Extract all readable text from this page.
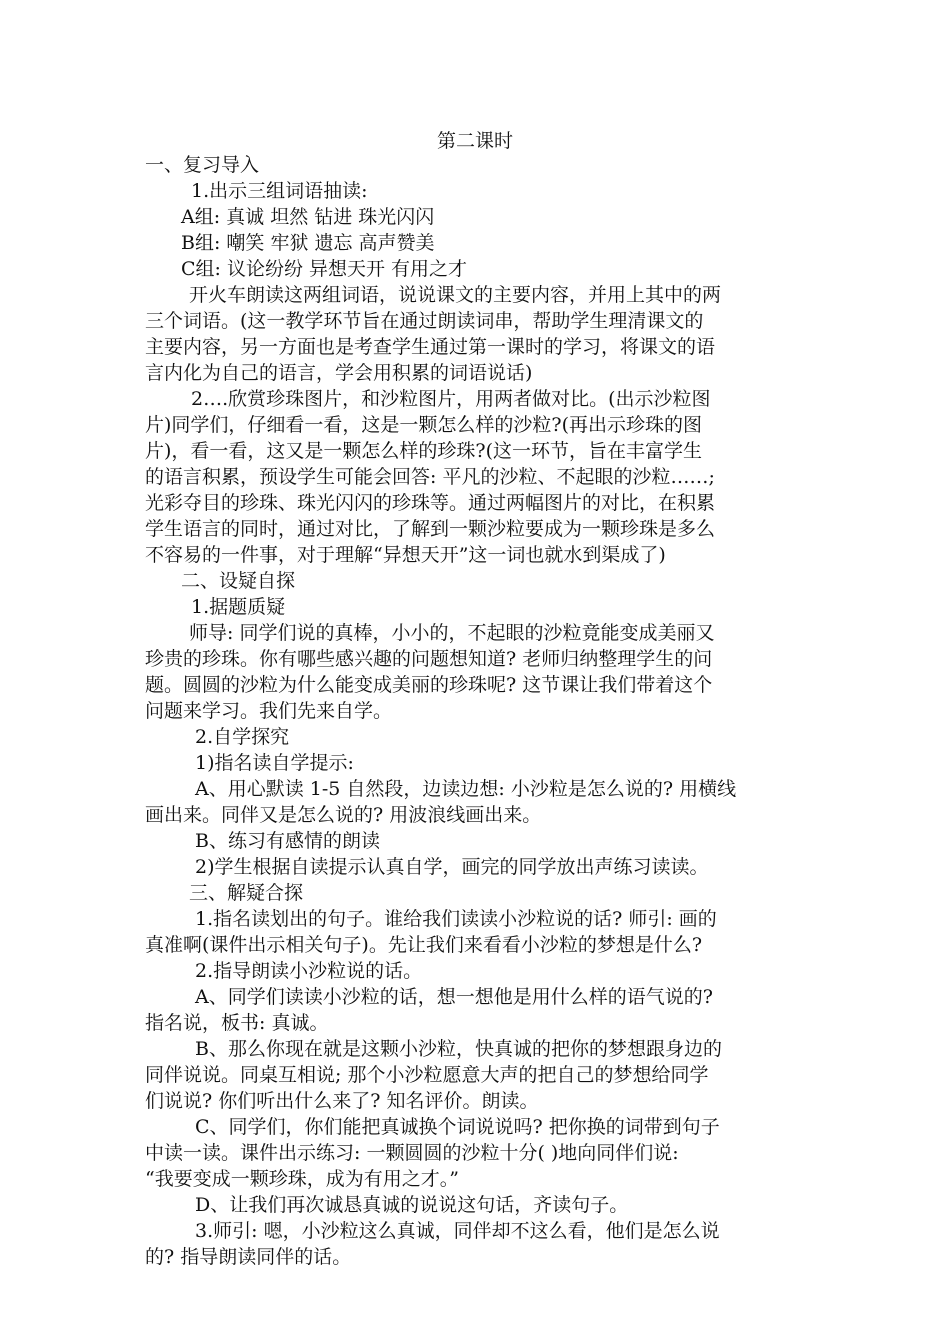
第二课时
一、复习导入
1.出示三组词语抽读:
A组: 真诚 坦然 钻进 珠光闪闪
B组: 嘲笑 牢狱 遗忘 高声赞美
C组: 议论纷纷 异想天开 有用之才
开火车朗读这两组词语，说说课文的主要内容，并用上其中的两
三个词语。(这一教学环节旨在通过朗读词串，帮助学生理清课文的
主要内容，另一方面也是考查学生通过第一课时的学习，将课文的语
言内化为自己的语言，学会用积累的词语说话)
2….欣赏珍珠图片，和沙粒图片，用两者做对比。(出示沙粒图
片)同学们，仔细看一看，这是一颗怎么样的沙粒?(再出示珍珠的图
片)，看一看，这又是一颗怎么样的珍珠?(这一环节，旨在丰富学生
的语言积累，预设学生可能会回答: 平凡的沙粒、不起眼的沙粒……;
光彩夺目的珍珠、珠光闪闪的珍珠等。通过两幅图片的对比，在积累
学生语言的同时，通过对比，了解到一颗沙粒要成为一颗珍珠是多么
不容易的一件事，对于理解“异想天开”这一词也就水到渠成了)
二、设疑自探
1.据题质疑
师导: 同学们说的真棒，小小的，不起眼的沙粒竟能变成美丽又
珍贵的珍珠。你有哪些感兴趣的问题想知道? 老师归纳整理学生的问
题。圆圆的沙粒为什么能变成美丽的珍珠呢? 这节课让我们带着这个
问题来学习。我们先来自学。
2.自学探究
1)指名读自学提示:
A、用心默读 1-5 自然段，边读边想: 小沙粒是怎么说的? 用横线
画出来。同伴又是怎么说的? 用波浪线画出来。
B、练习有感情的朗读
2)学生根据自读提示认真自学，画完的同学放出声练习读读。
三、解疑合探
1.指名读划出的句子。谁给我们读读小沙粒说的话? 师引: 画的
真准啊(课件出示相关句子)。先让我们来看看小沙粒的梦想是什么?
2.指导朗读小沙粒说的话。
A、同学们读读小沙粒的话，想一想他是用什么样的语气说的?
指名说，板书: 真诚。
B、那么你现在就是这颗小沙粒，快真诚的把你的梦想跟身边的
同伴说说。同桌互相说; 那个小沙粒愿意大声的把自己的梦想给同学
们说说? 你们听出什么来了? 知名评价。朗读。
C、同学们，你们能把真诚换个词说说吗? 把你换的词带到句子
中读一读。课件出示练习: 一颗圆圆的沙粒十分( )地向同伴们说:
“我要变成一颗珍珠，成为有用之才。”
D、让我们再次诚恳真诚的说说这句话，齐读句子。
3.师引: 嗯，小沙粒这么真诚，同伴却不这么看，他们是怎么说
的? 指导朗读同伴的话。
